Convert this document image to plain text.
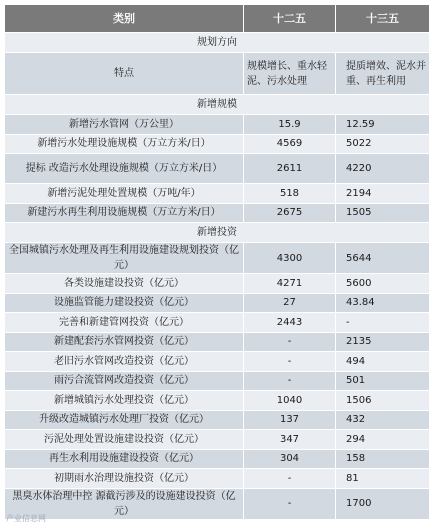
类别	十二五	十三五
规划方向		
特点	规模增长、重水轻泥、污水处理	提质增效、泥水并重、再生利用
新增规模		
新增污水管网（万公里）	15.9	12.59
新增污水处理设施规模（万立方米/日）	4569	5022
提标 改造污水处理设施规模（万立方米/日）	2611	4220
新增污泥处理处置规模（万吨/年）	518	2194
新建污水再生利用设施规模（万立方米/日）	2675	1505
新增投资		
全国城镇污水处理及再生利用设施建设规划投资（亿元）	4300	5644
各类设施建设投资（亿元）	4271	5600
设施监管能力建设投资（亿元）	27	43.84
完善和新建管网投资（亿元）	2443	-
新建配套污水管网投资（亿元）	-	2135
老旧污水管网改造投资（亿元）	-	494
雨污合流管网改造投资（亿元）	-	501
新增城镇污水处理投资（亿元）	1040	1506
升级改造城镇污水处理厂投资（亿元）	137	432
污泥处理处置设施建设投资（亿元）	347	294
再生水利用设施建设投资（亿元）	304	158
初期雨水治理设施投资（亿元）	-	81
黑臭水体治理中控 源截污涉及的设施建设投资（亿元）	-	1700
产业信息网
